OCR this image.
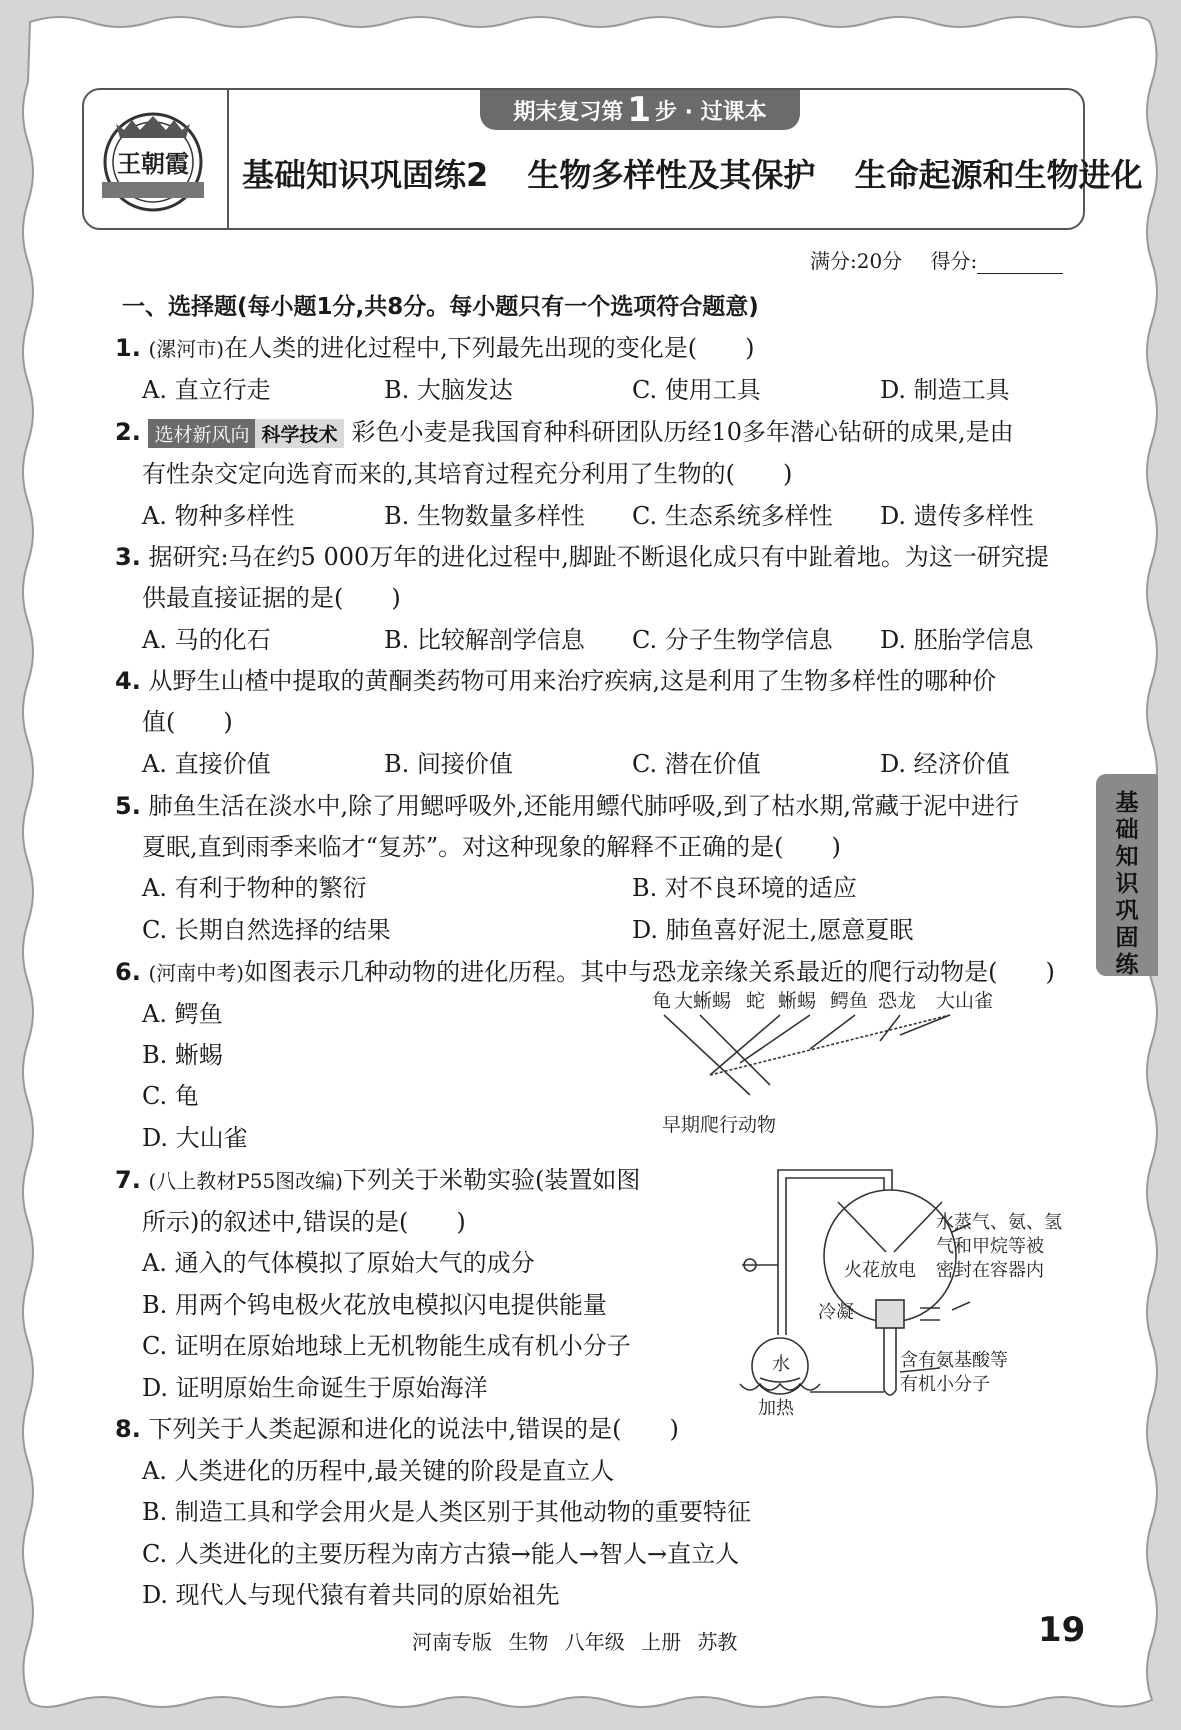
王朝霞
期末复习第 1 步 · 过课本
基础知识巩固练2 生物多样性及其保护 生命起源和生物进化
满分:20分 得分:
一、选择题(每小题1分,共8分。每小题只有一个选项符合题意)
1. (漯河市)在人类的进化过程中,下列最先出现的变化是(　　)
A. 直立行走	B. 大脑发达	C. 使用工具	D. 制造工具
2. 选材新风向 科学技术 彩色小麦是我国育种科研团队历经10多年潜心钻研的成果,是由
有性杂交定向选育而来的,其培育过程充分利用了生物的(　　)
A. 物种多样性	B. 生物数量多样性 C. 生态系统多样性 D. 遗传多样性
3. 据研究:马在约5 000万年的进化过程中,脚趾不断退化成只有中趾着地。为这一研究提
供最直接证据的是(　　)
A. 马的化石	B. 比较解剖学信息 C. 分子生物学信息 D. 胚胎学信息
4. 从野生山楂中提取的黄酮类药物可用来治疗疾病,这是利用了生物多样性的哪种价
值(　　)
A. 直接价值	B. 间接价值	C. 潜在价值	D. 经济价值
5. 肺鱼生活在淡水中,除了用鳃呼吸外,还能用鳔代肺呼吸,到了枯水期,常藏于泥中进行
夏眠,直到雨季来临才“复苏”。对这种现象的解释不正确的是(　　)
A. 有利于物种的繁衍	B. 对不良环境的适应
C. 长期自然选择的结果	D. 肺鱼喜好泥土,愿意夏眠
基
础
知
识
巩
固
练
6. (河南中考)如图表示几种动物的进化历程。其中与恐龙亲缘关系最近的爬行动物是(　　)
A. 鳄鱼
B. 蜥蜴
C. 龟
D. 大山雀
龟 大蜥蜴 蛇 蜥蜴 鳄鱼 恐龙 大山雀
早期爬行动物
7. (八上教材P55图改编)下列关于米勒实验(装置如图
所示)的叙述中,错误的是(　　)
A. 通入的气体模拟了原始大气的成分
B. 用两个钨电极火花放电模拟闪电提供能量
C. 证明在原始地球上无机物能生成有机小分子
D. 证明原始生命诞生于原始海洋
火花放电
水蒸气、氨、氢
气和甲烷等被
密封在容器内
冷凝
水	含有氨基酸等
有机小分子
加热
8. 下列关于人类起源和进化的说法中,错误的是(　　)
A. 人类进化的历程中,最关键的阶段是直立人
B. 制造工具和学会用火是人类区别于其他动物的重要特征
C. 人类进化的主要历程为南方古猿→能人→智人→直立人
D. 现代人与现代猿有着共同的原始祖先
河南专版 生物 八年级 上册 苏教	19
